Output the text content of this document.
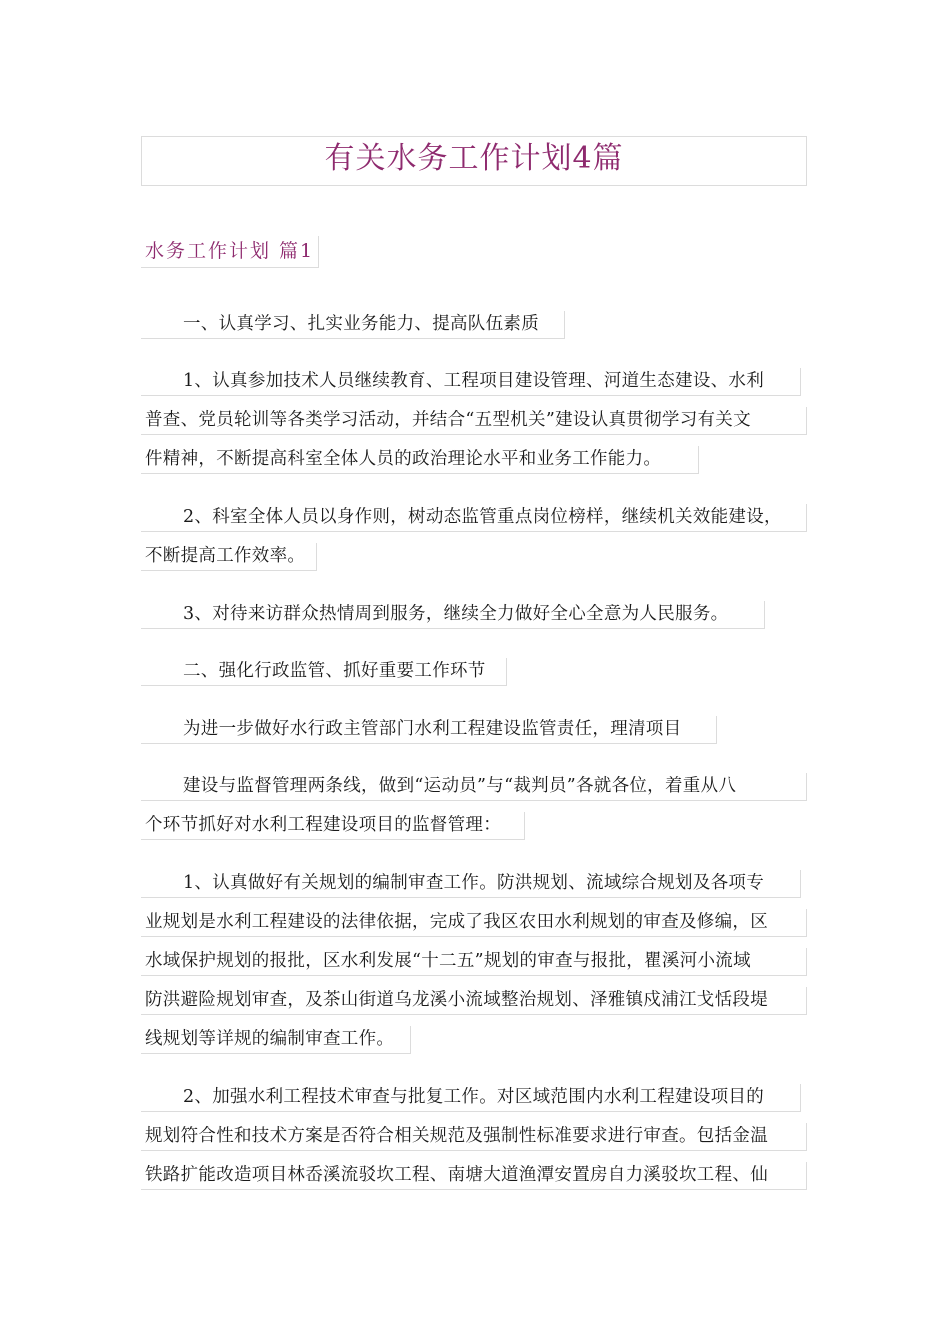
有关水务工作计划4篇
水务工作计划 篇1
一、认真学习、扎实业务能力、提高队伍素质
1、认真参加技术人员继续教育、工程项目建设管理、河道生态建设、水利
普查、党员轮训等各类学习活动，并结合“五型机关”建设认真贯彻学习有关文
件精神，不断提高科室全体人员的政治理论水平和业务工作能力。
2、科室全体人员以身作则，树动态监管重点岗位榜样，继续机关效能建设，
不断提高工作效率。
3、对待来访群众热情周到服务，继续全力做好全心全意为人民服务。
二、强化行政监管、抓好重要工作环节
为进一步做好水行政主管部门水利工程建设监管责任，理清项目
建设与监督管理两条线，做到“运动员”与“裁判员”各就各位，着重从八
个环节抓好对水利工程建设项目的监督管理：
1、认真做好有关规划的编制审查工作。防洪规划、流域综合规划及各项专
业规划是水利工程建设的法律依据，完成了我区农田水利规划的审查及修编，区
水域保护规划的报批，区水利发展“十二五”规划的审查与报批，瞿溪河小流域
防洪避险规划审查，及茶山街道乌龙溪小流域整治规划、泽雅镇戍浦江戈恬段堤
线规划等详规的编制审查工作。
2、加强水利工程技术审查与批复工作。对区域范围内水利工程建设项目的
规划符合性和技术方案是否符合相关规范及强制性标准要求进行审查。包括金温
铁路扩能改造项目林岙溪流驳坎工程、南塘大道渔潭安置房自力溪驳坎工程、仙
